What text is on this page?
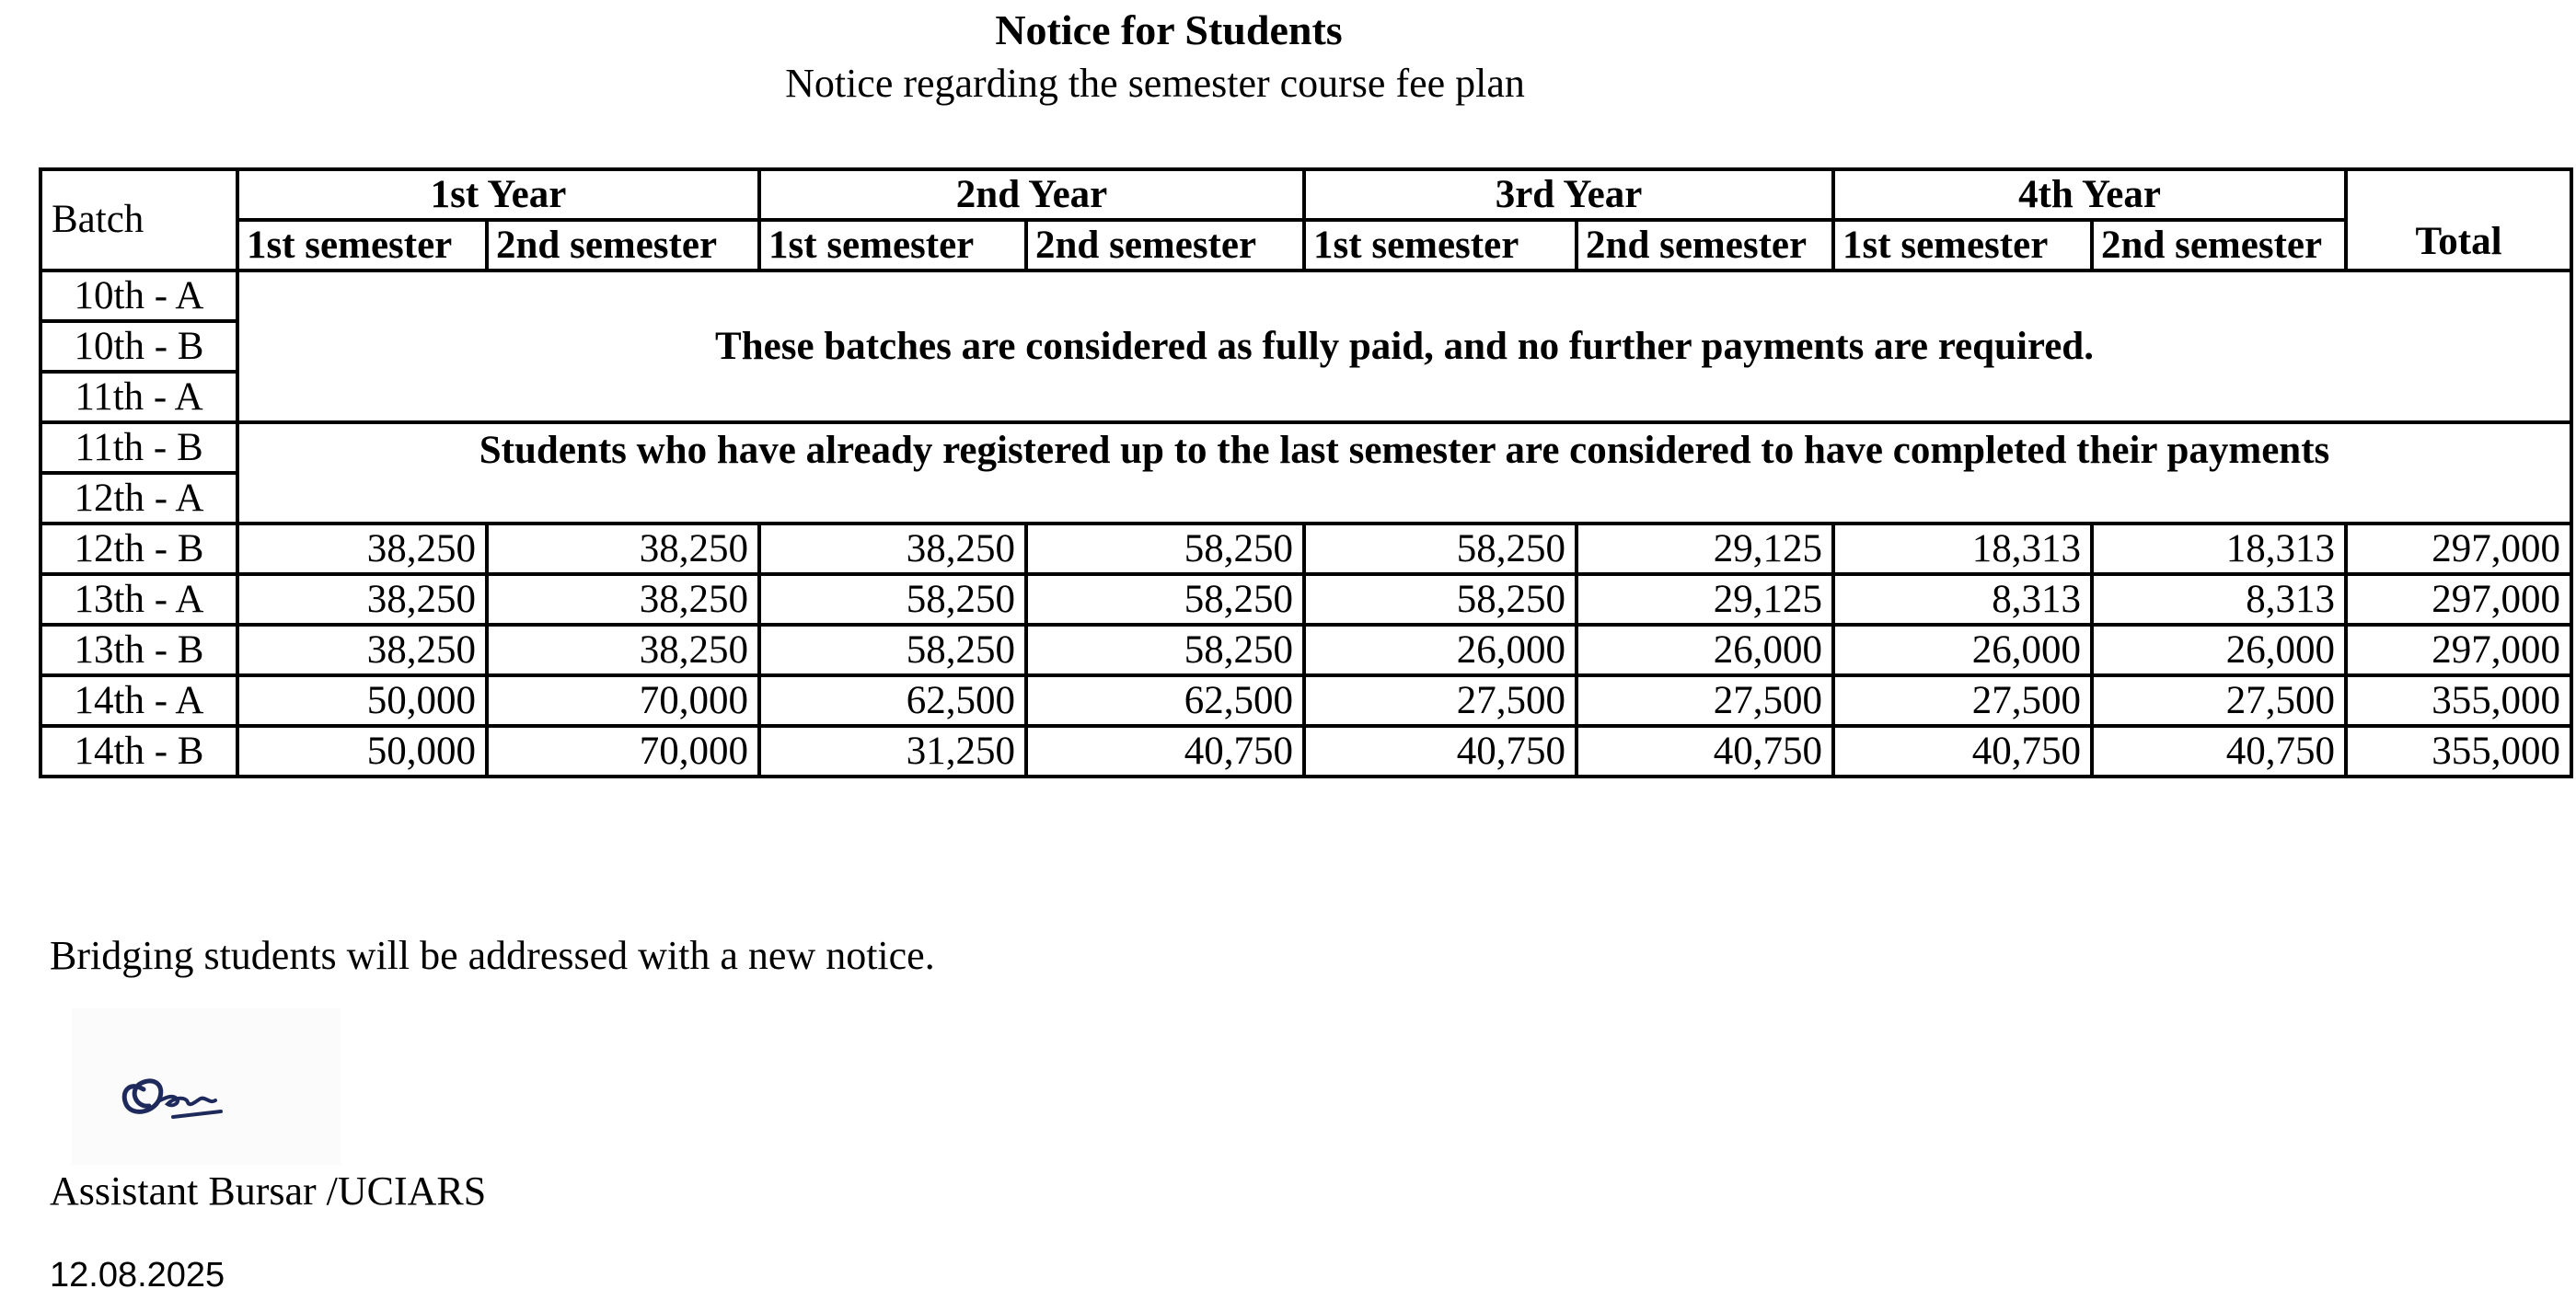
Notice for Students
Notice regarding the semester course fee plan
Batch	1st Year		2nd Year		3rd Year		4th Year		Total
	1st semester	2nd semester	1st semester	2nd semester	1st semester	2nd semester	1st semester	2nd semester	
10th - A	These batches are considered as fully paid, and no further payments are required.								
10th - B									
11th - A									
11th - B	Students who have already registered up to the last semester are considered to have completed their payments								
12th - A									
12th - B	38,250	38,250	38,250	58,250	58,250	29,125	18,313	18,313	297,000
13th - A	38,250	38,250	58,250	58,250	58,250	29,125	8,313	8,313	297,000
13th - B	38,250	38,250	58,250	58,250	26,000	26,000	26,000	26,000	297,000
14th - A	50,000	70,000	62,500	62,500	27,500	27,500	27,500	27,500	355,000
14th - B	50,000	70,000	31,250	40,750	40,750	40,750	40,750	40,750	355,000
Bridging students will be addressed with a new notice.
Assistant Bursar /UCIARS
12.08.2025
